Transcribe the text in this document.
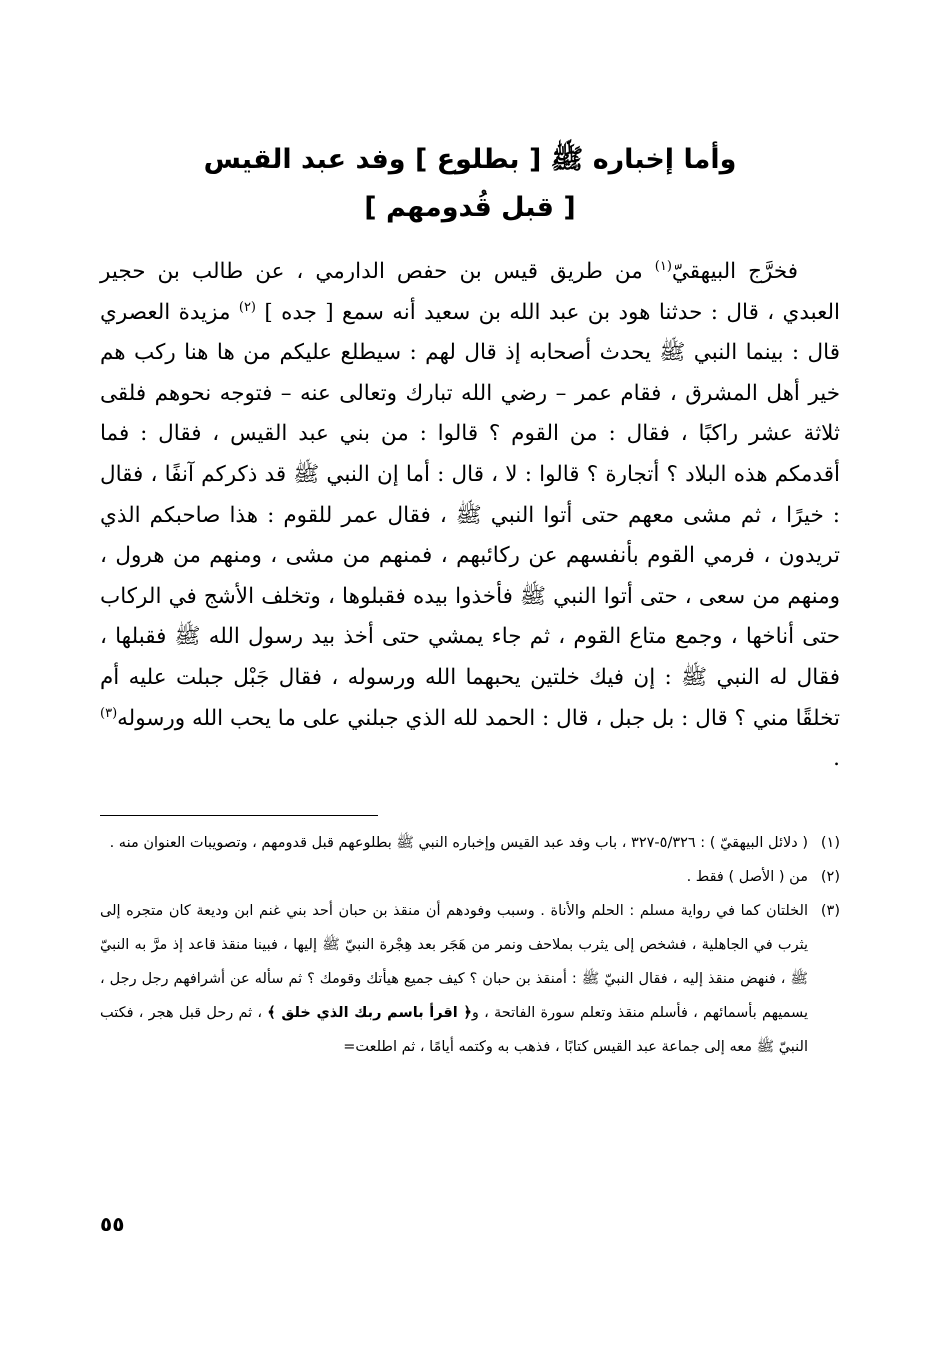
وأما إخباره ﷺ [ بطلوع ] وفد عبد القيس
[ قبل قُدومهم ]

فخرَّج البيهقيّ$^{(١)}$ من طريق قيس بن حفص الدارمي ، عن طالب بن حجير العبدي ، قال : حدثنا هود بن عبد الله بن سعيد أنه سمع [ جده ] $^{(٢)}$ مزيدة العصري قال : بينما النبي ﷺ يحدث أصحابه إذ قال لهم : سيطلع عليكم من ها هنا ركب هم خير أهل المشرق ، فقام عمر – رضي الله تبارك وتعالى عنه – فتوجه نحوهم فلقى ثلاثة عشر راكبًا ، فقال : من القوم ؟ قالوا : من بني عبد القيس ، فقال : فما أقدمكم هذه البلاد ؟ أتجارة ؟ قالوا : لا ، قال : أما إن النبي ﷺ قد ذكركم آنفًا ، فقال : خيرًا ، ثم مشى معهم حتى أتوا النبي ﷺ ، فقال عمر للقوم : هذا صاحبكم الذي تريدون ، فرمي القوم بأنفسهم عن ركائبهم ، فمنهم من مشى ، ومنهم من هرول ، ومنهم من سعى ، حتى أتوا النبي ﷺ فأخذوا بيده فقبلوها ، وتخلف الأشج في الركاب حتى أناخها ، وجمع متاع القوم ، ثم جاء يمشي حتى أخذ بيد رسول الله ﷺ فقبلها ، فقال له النبي ﷺ : إن فيك خلتين يحبهما الله ورسوله ، فقال جَبْل جبلت عليه أم تخلقًا مني ؟ قال : بل جبل ، قال : الحمد لله الذي جبلني على ما يحب الله ورسوله$^{(٣)}$ .

(١)
( دلائل البيهقيّ ) : ٥/٣٢٦-٣٢٧ ، باب وفد عبد القيس وإخباره النبي ﷺ بطلوعهم قبل قدومهم ، وتصويبات العنوان منه .
(٢)
من ( الأصل ) فقط .
(٣)
الخلتان كما في رواية مسلم : الحلم والأناة . وسبب وفودهم أن منقذ بن حبان أحد بني غنم ابن وديعة كان متجره إلى يثرب في الجاهلية ، فشخص إلى يثرب بملاحف ونمر من هَجَر بعد هِجْرة النبيّ ﷺ إليها ، فبينا منقذ قاعد إذ مرَّ به النبيّ ﷺ ، فنهض منقذ إليه ، فقال النبيّ ﷺ : أمنقذ بن حبان ؟ كيف جميع هيأتك وقومك ؟ ثم سأله عن أشرافهم رجل رجل ، يسميهم بأسمائهم ، فأسلم منقذ وتعلم سورة الفاتحة ، و﴿ اقرأ باسم ربك الذي خلق ﴾ ، ثم رحل قبل هجر ، فكتب النبيّ ﷺ معه إلى جماعة عبد القيس كتابًا ، فذهب به وكتمه أيامًا ، ثم اطلعت=
٥٥
